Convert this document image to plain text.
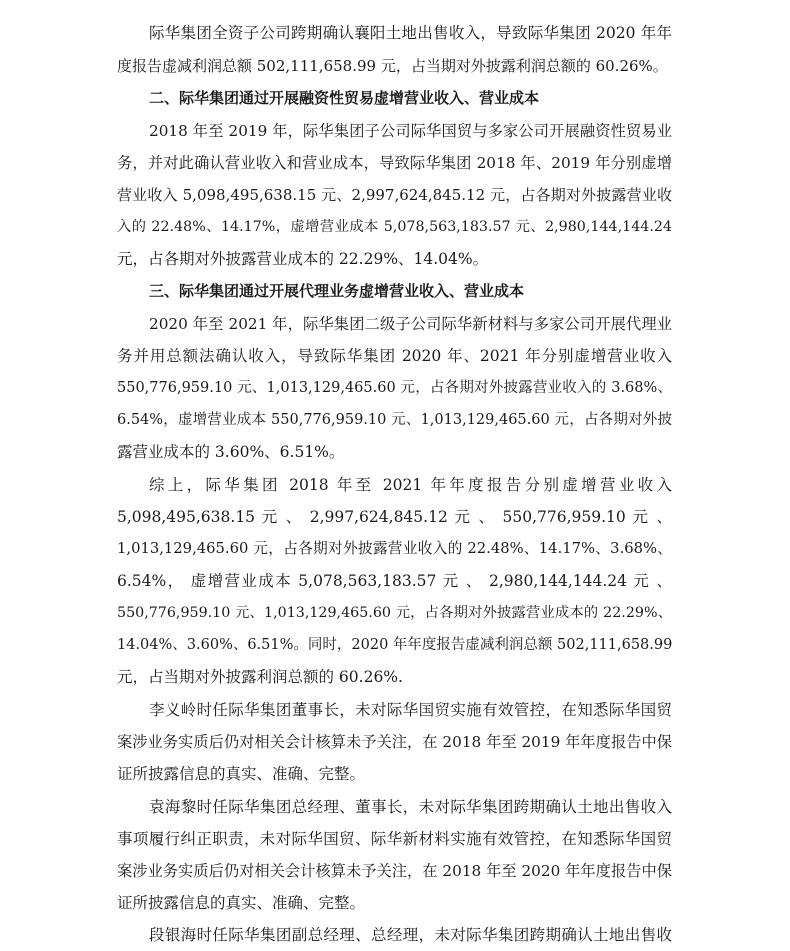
际华集团全资子公司跨期确认襄阳土地出售收入，导致际华集团 2020 年年
度报告虚减利润总额 502,111,658.99 元，占当期对外披露利润总额的 60.26%。
二、际华集团通过开展融资性贸易虚增营业收入、营业成本
2018 年至 2019 年，际华集团子公司际华国贸与多家公司开展融资性贸易业
务，并对此确认营业收入和营业成本，导致际华集团 2018 年、2019 年分别虚增
营业收入 5,098,495,638.15 元、2,997,624,845.12 元，占各期对外披露营业收
入的 22.48%、14.17%，虚增营业成本 5,078,563,183.57 元、2,980,144,144.24
元，占各期对外披露营业成本的 22.29%、14.04%。
三、际华集团通过开展代理业务虚增营业收入、营业成本
2020 年至 2021 年，际华集团二级子公司际华新材料与多家公司开展代理业
务并用总额法确认收入，导致际华集团 2020 年、2021 年分别虚增营业收入
550,776,959.10 元、1,013,129,465.60 元，占各期对外披露营业收入的 3.68%、
6.54%，虚增营业成本 550,776,959.10 元、1,013,129,465.60 元，占各期对外披
露营业成本的 3.60%、6.51%。
综上，际华集团 2018 年至 2021 年年度报告分别虚增营业收入
5,098,495,638.15 元 、 2,997,624,845.12 元 、 550,776,959.10 元 、
1,013,129,465.60 元，占各期对外披露营业收入的 22.48%、14.17%、3.68%、
6.54%， 虚增营业成本 5,078,563,183.57 元 、 2,980,144,144.24 元 、
550,776,959.10 元、1,013,129,465.60 元，占各期对外披露营业成本的 22.29%、
14.04%、3.60%、6.51%。同时，2020 年年度报告虚减利润总额 502,111,658.99
元，占当期对外披露利润总额的 60.26%.
李义岭时任际华集团董事长，未对际华国贸实施有效管控，在知悉际华国贸
案涉业务实质后仍对相关会计核算未予关注，在 2018 年至 2019 年年度报告中保
证所披露信息的真实、准确、完整。
袁海黎时任际华集团总经理、董事长，未对际华集团跨期确认土地出售收入
事项履行纠正职责，未对际华国贸、际华新材料实施有效管控，在知悉际华国贸
案涉业务实质后仍对相关会计核算未予关注，在 2018 年至 2020 年年度报告中保
证所披露信息的真实、准确、完整。
段银海时任际华集团副总经理、总经理，未对际华集团跨期确认土地出售收
